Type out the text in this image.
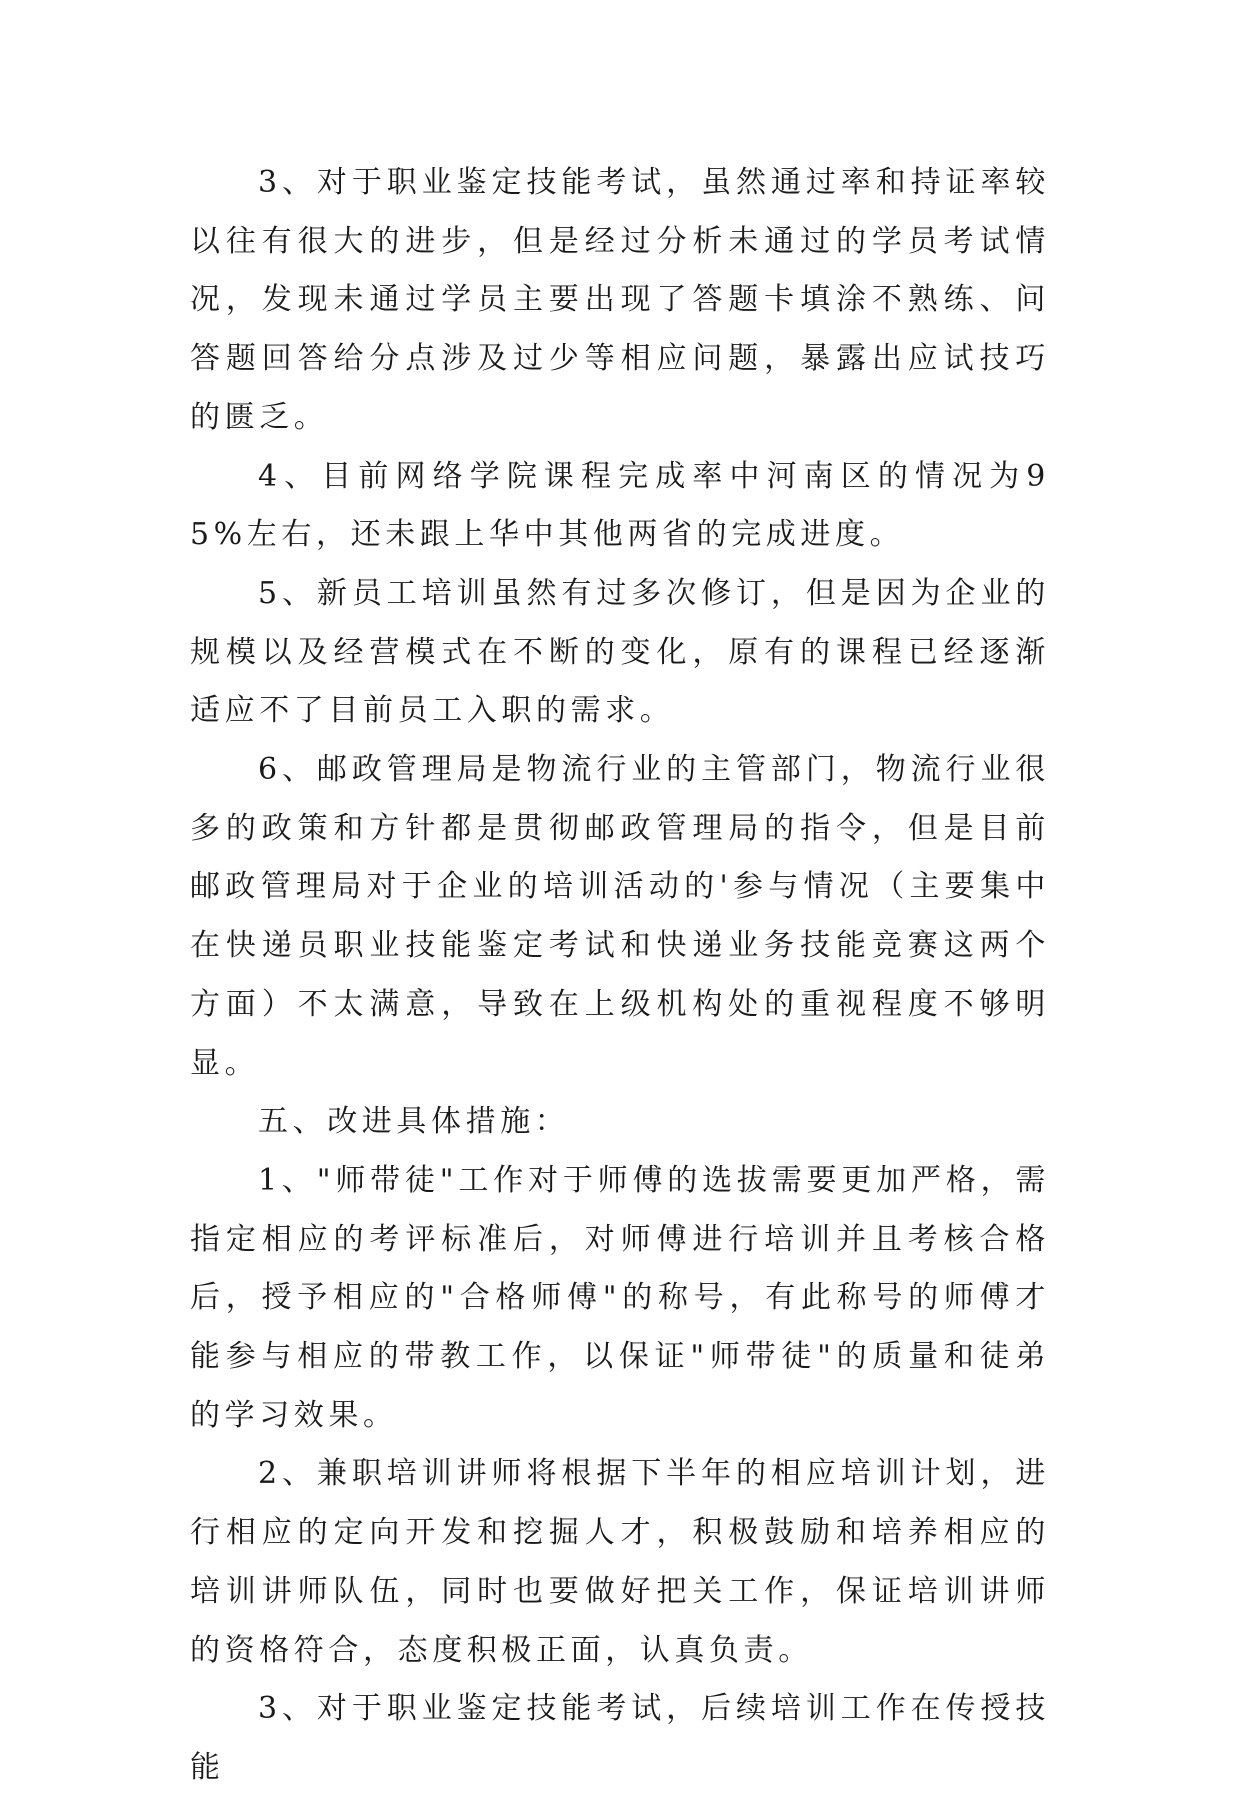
3、对于职业鉴定技能考试，虽然通过率和持证率较以往有很大的进步，但是经过分析未通过的学员考试情况，发现未通过学员主要出现了答题卡填涂不熟练、问答题回答给分点涉及过少等相应问题，暴露出应试技巧的匮乏。

4、目前网络学院课程完成率中河南区的情况为95%左右，还未跟上华中其他两省的完成进度。

5、新员工培训虽然有过多次修订，但是因为企业的规模以及经营模式在不断的变化，原有的课程已经逐渐适应不了目前员工入职的需求。

6、邮政管理局是物流行业的主管部门，物流行业很多的政策和方针都是贯彻邮政管理局的指令，但是目前邮政管理局对于企业的培训活动的'参与情况（主要集中在快递员职业技能鉴定考试和快递业务技能竞赛这两个方面）不太满意，导致在上级机构处的重视程度不够明显。

五、改进具体措施：

1、"师带徒"工作对于师傅的选拔需要更加严格，需指定相应的考评标准后，对师傅进行培训并且考核合格后，授予相应的"合格师傅"的称号，有此称号的师傅才能参与相应的带教工作，以保证"师带徒"的质量和徒弟的学习效果。

2、兼职培训讲师将根据下半年的相应培训计划，进行相应的定向开发和挖掘人才，积极鼓励和培养相应的培训讲师队伍，同时也要做好把关工作，保证培训讲师的资格符合，态度积极正面，认真负责。

3、对于职业鉴定技能考试，后续培训工作在传授技能
